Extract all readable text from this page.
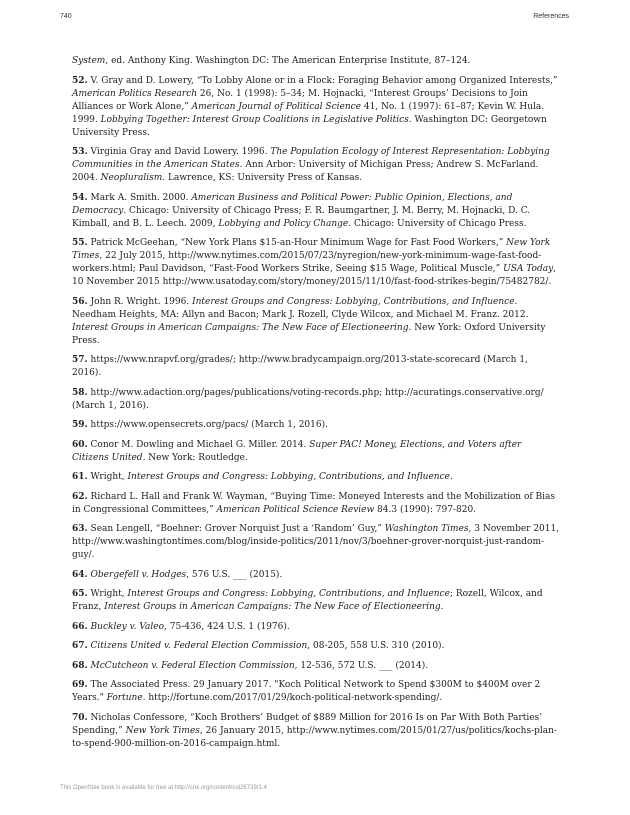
740	References

System, ed. Anthony King. Washington DC: The American Enterprise Institute, 87–124.

52. V. Gray and D. Lowery, “To Lobby Alone or in a Flock: Foraging Behavior among Organized Interests,” American Politics Research 26, No. 1 (1998): 5–34; M. Hojnacki, “Interest Groups’ Decisions to Join Alliances or Work Alone,” American Journal of Political Science 41, No. 1 (1997): 61–87; Kevin W. Hula. 1999. Lobbying Together: Interest Group Coalitions in Legislative Politics. Washington DC: Georgetown University Press.

53. Virginia Gray and David Lowery. 1996. The Population Ecology of Interest Representation: Lobbying Communities in the American States. Ann Arbor: University of Michigan Press; Andrew S. McFarland. 2004. Neopluralism. Lawrence, KS: University Press of Kansas.

54. Mark A. Smith. 2000. American Business and Political Power: Public Opinion, Elections, and Democracy. Chicago: University of Chicago Press; F. R. Baumgartner, J. M. Berry, M. Hojnacki, D. C. Kimball, and B. L. Leech. 2009, Lobbying and Policy Change. Chicago: University of Chicago Press.

55. Patrick McGeehan, “New York Plans $15-an-Hour Minimum Wage for Fast Food Workers,” New York Times, 22 July 2015, http://www.nytimes.com/2015/07/23/nyregion/new-york-minimum-wage-fast-food-workers.html; Paul Davidson, “Fast-Food Workers Strike, Seeing $15 Wage, Political Muscle,” USA Today, 10 November 2015 http://www.usatoday.com/story/money/2015/11/10/fast-food-strikes-begin/75482782/.

56. John R. Wright. 1996. Interest Groups and Congress: Lobbying, Contributions, and Influence. Needham Heights, MA: Allyn and Bacon; Mark J. Rozell, Clyde Wilcox, and Michael M. Franz. 2012. Interest Groups in American Campaigns: The New Face of Electioneering. New York: Oxford University Press.

57. https://www.nrapvf.org/grades/; http://www.bradycampaign.org/2013-state-scorecard (March 1, 2016).

58. http://www.adaction.org/pages/publications/voting-records.php; http://acuratings.conservative.org/ (March 1, 2016).

59. https://www.opensecrets.org/pacs/ (March 1, 2016).

60. Conor M. Dowling and Michael G. Miller. 2014. Super PAC! Money, Elections, and Voters after Citizens United. New York: Routledge.

61. Wright, Interest Groups and Congress: Lobbying, Contributions, and Influence.

62. Richard L. Hall and Frank W. Wayman, “Buying Time: Moneyed Interests and the Mobilization of Bias in Congressional Committees,” American Political Science Review 84.3 (1990): 797-820.

63. Sean Lengell, “Boehner: Grover Norquist Just a ‘Random’ Guy,” Washington Times, 3 November 2011, http://www.washingtontimes.com/blog/inside-politics/2011/nov/3/boehner-grover-norquist-just-random-guy/.

64. Obergefell v. Hodges, 576 U.S. ___ (2015).

65. Wright, Interest Groups and Congress: Lobbying, Contributions, and Influence; Rozell, Wilcox, and Franz, Interest Groups in American Campaigns: The New Face of Electioneering.

66. Buckley v. Valeo, 75-436, 424 U.S. 1 (1976).

67. Citizens United v. Federal Election Commission, 08-205, 558 U.S. 310 (2010).

68. McCutcheon v. Federal Election Commission, 12-536, 572 U.S. ___ (2014).

69. The Associated Press. 29 January 2017. "Koch Political Network to Spend $300M to $400M over 2 Years." Fortune. http://fortune.com/2017/01/29/koch-political-network-spending/.

70. Nicholas Confessore, “Koch Brothers’ Budget of $889 Million for 2016 Is on Par With Both Parties’ Spending,” New York Times, 26 January 2015, http://www.nytimes.com/2015/01/27/us/politics/kochs-plan-to-spend-900-million-on-2016-campaign.html.

This OpenStax book is available for free at http://cnx.org/content/col26739/1.4
